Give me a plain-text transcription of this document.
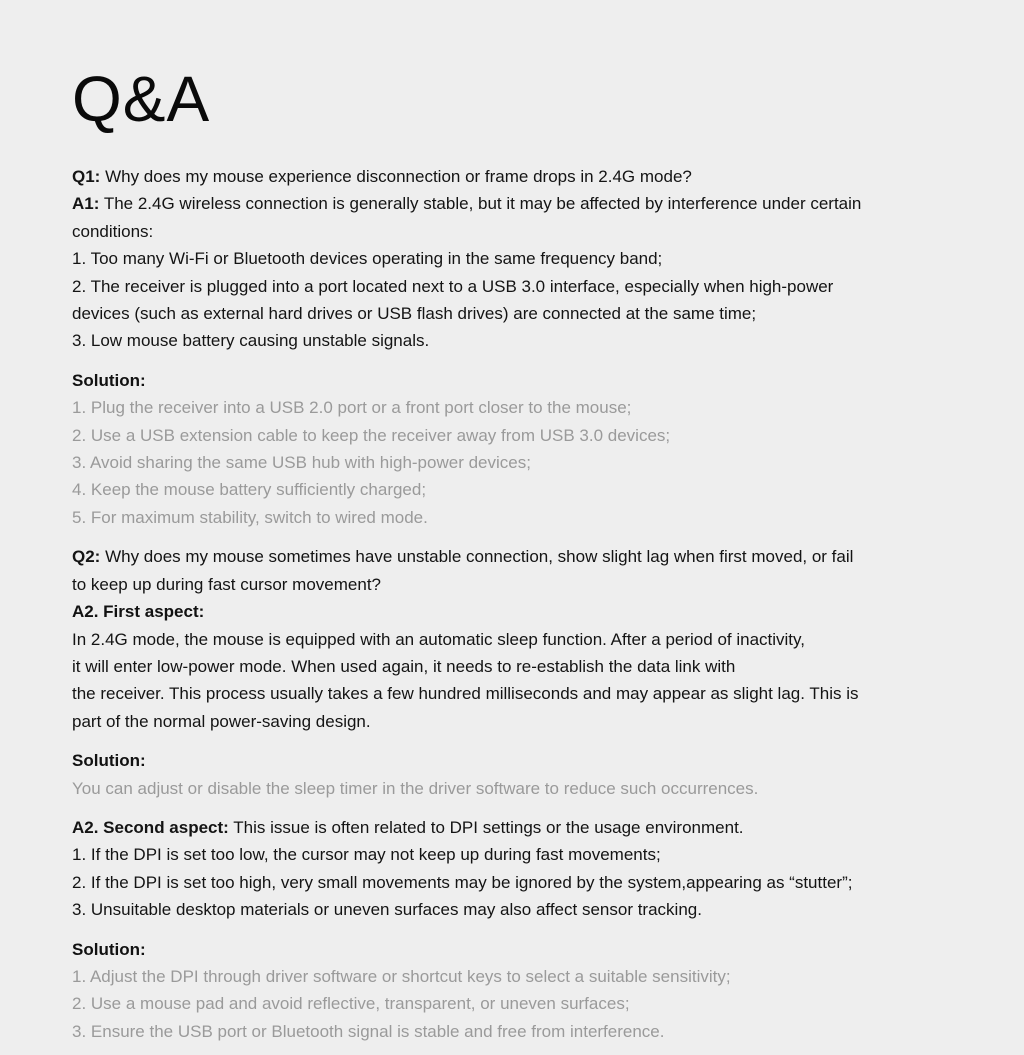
Q&A
Q1: Why does my mouse experience disconnection or frame drops in 2.4G mode?
A1: The 2.4G wireless connection is generally stable, but it may be affected by interference under certain
conditions:
1. Too many Wi-Fi or Bluetooth devices operating in the same frequency band;
2. The receiver is plugged into a port located next to a USB 3.0 interface, especially when high-power
devices (such as external hard drives or USB flash drives) are connected at the same time;
3. Low mouse battery causing unstable signals.
Solution:
1. Plug the receiver into a USB 2.0 port or a front port closer to the mouse;
2. Use a USB extension cable to keep the receiver away from USB 3.0 devices;
3. Avoid sharing the same USB hub with high-power devices;
4. Keep the mouse battery sufficiently charged;
5. For maximum stability, switch to wired mode.
Q2: Why does my mouse sometimes have unstable connection, show slight lag when first moved, or fail
to keep up during fast cursor movement?
A2. First aspect:
In 2.4G mode, the mouse is equipped with an automatic sleep function. After a period of inactivity,
it will enter low-power mode. When used again, it needs to re-establish the data link with
the receiver. This process usually takes a few hundred milliseconds and may appear as slight lag. This is
part of the normal power-saving design.
Solution:
You can adjust or disable the sleep timer in the driver software to reduce such occurrences.
A2. Second aspect: This issue is often related to DPI settings or the usage environment.
1. If the DPI is set too low, the cursor may not keep up during fast movements;
2. If the DPI is set too high, very small movements may be ignored by the system,appearing as “stutter”;
3. Unsuitable desktop materials or uneven surfaces may also affect sensor tracking.
Solution:
1. Adjust the DPI through driver software or shortcut keys to select a suitable sensitivity;
2. Use a mouse pad and avoid reflective, transparent, or uneven surfaces;
3. Ensure the USB port or Bluetooth signal is stable and free from interference.
